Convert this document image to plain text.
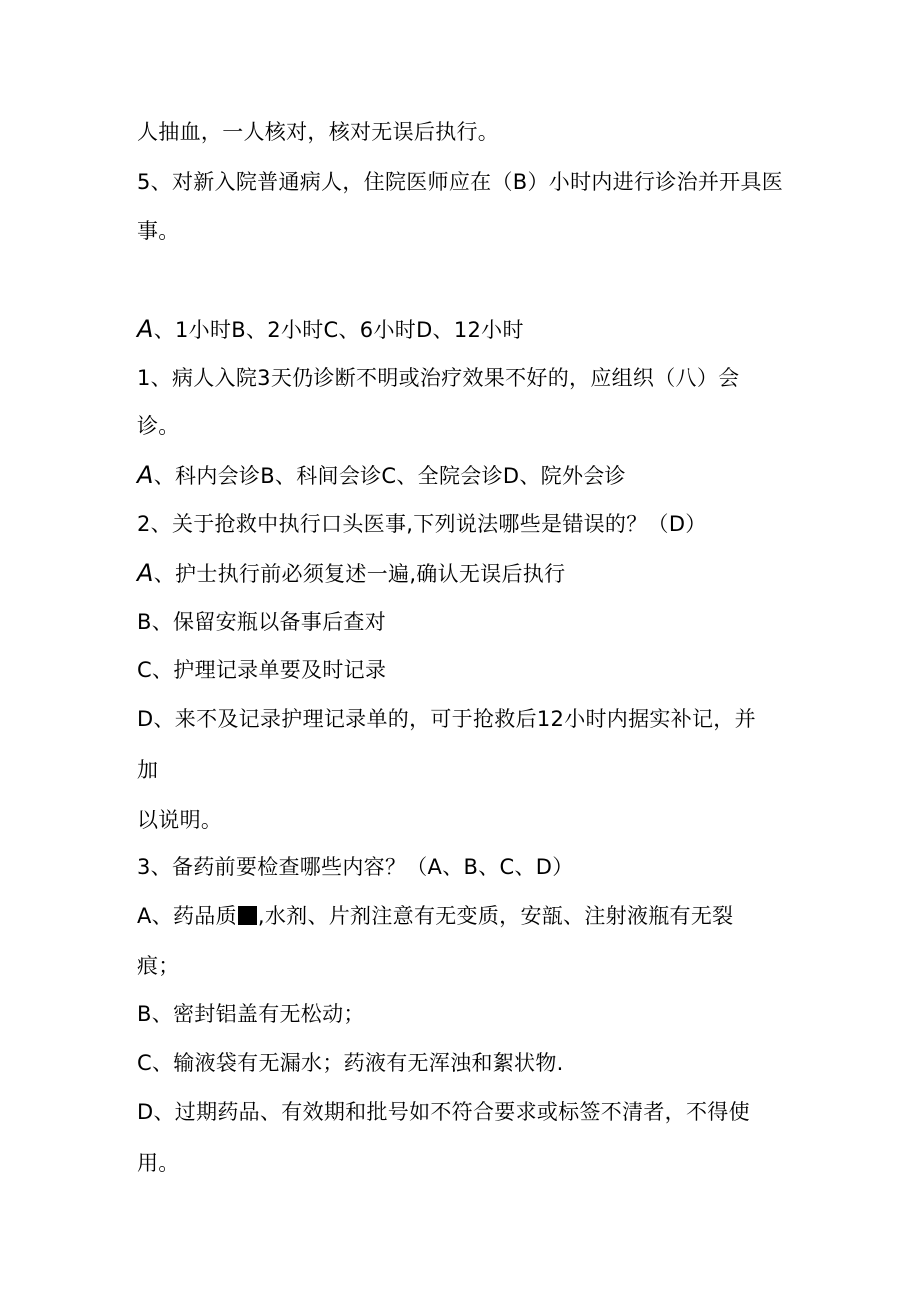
人抽血，一人核对，核对无误后执行。
5、对新入院普通病人，住院医师应在（B）小时内进行诊治并开具医
事。
A、1小时B、2小时C、6小时D、12小时
1、病人入院3天仍诊断不明或治疗效果不好的，应组织（八）会
诊。
A、科内会诊B、科间会诊C、全院会诊D、院外会诊
2、关于抢救中执行口头医事,下列说法哪些是错误的？（D）
A、护士执行前必须复述一遍,确认无误后执行
B、保留安瓶以备事后查对
C、护理记录单要及时记录
D、来不及记录护理记录单的，可于抢救后12小时内据实补记，并
加
以说明。
3、备药前要检查哪些内容？（A、B、C、D）
A、药品质 ,水剂、片剂注意有无变质，安瓿、注射液瓶有无裂
痕；
B、密封铝盖有无松动；
C、输液袋有无漏水；药液有无浑浊和絮状物.
D、过期药品、有效期和批号如不符合要求或标签不清者，不得使
用。
